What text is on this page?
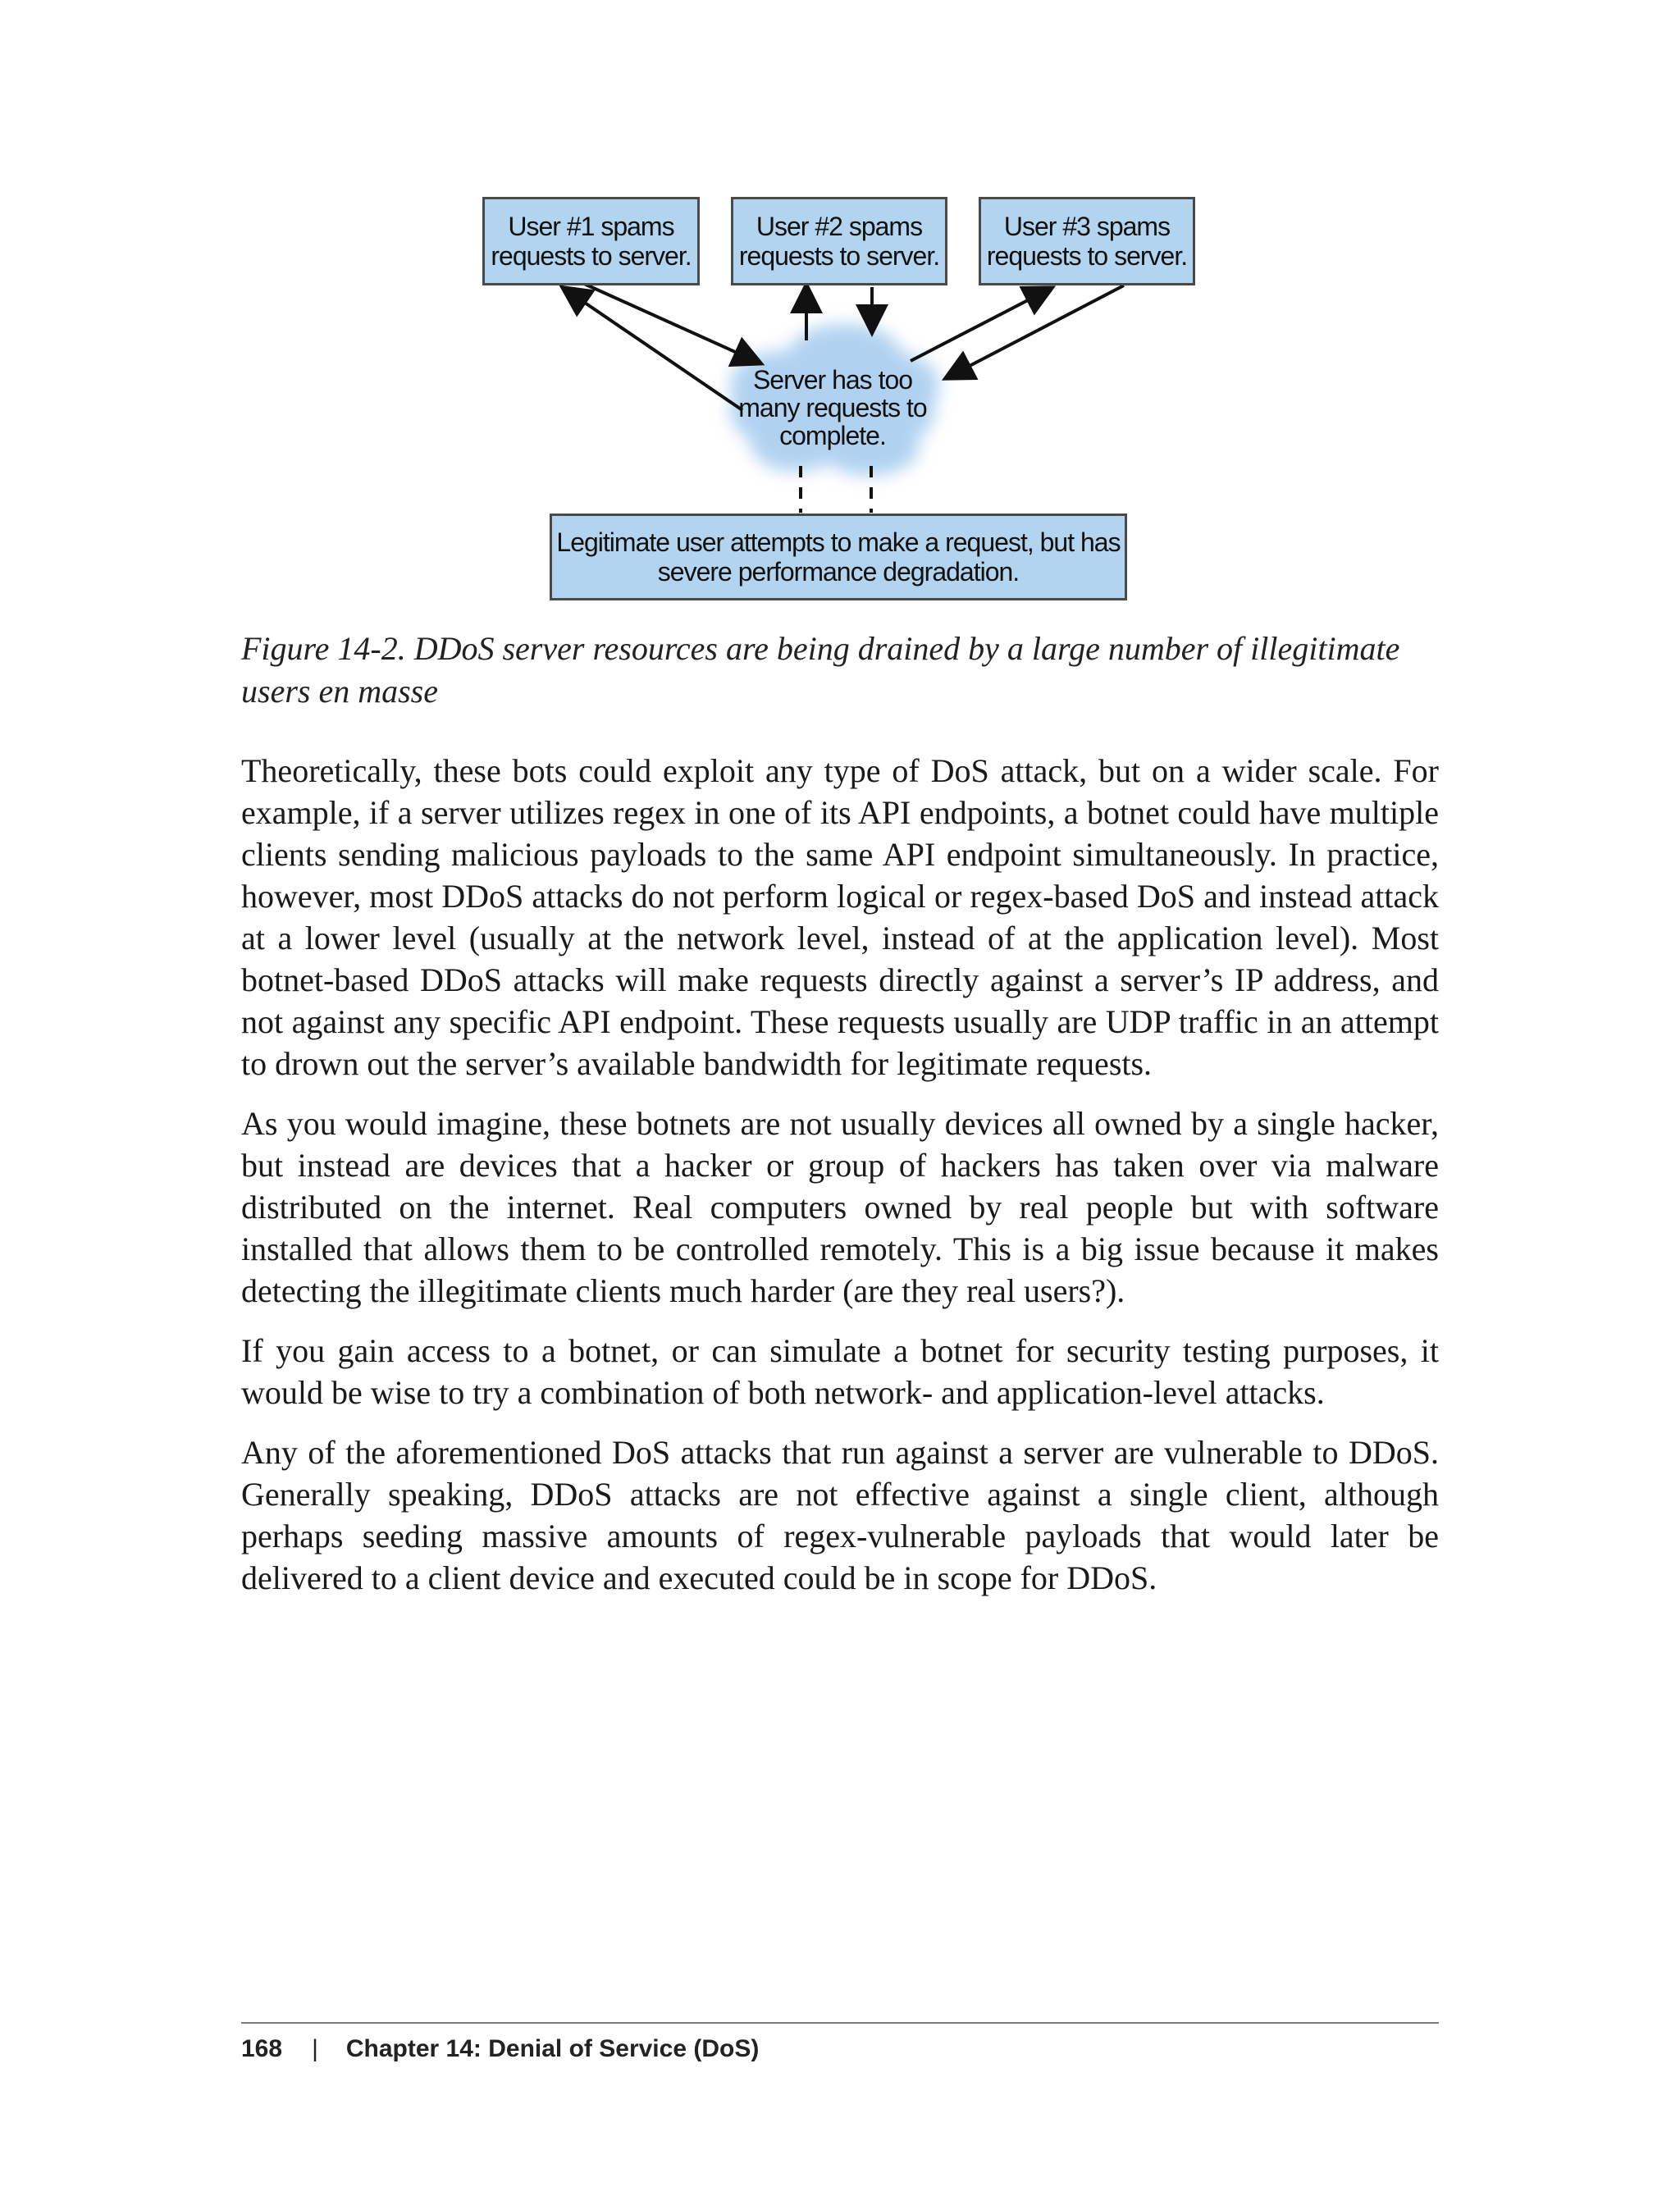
User #1 spams
requests to server.
User #2 spams
requests to server.
User #3 spams
requests to server.
Server has too
many requests to
complete.
Legitimate user attempts to make a request, but has
severe performance degradation.
Figure 14-2. DDoS server resources are being drained by a large number of illegitimate users en masse

Theoretically, these bots could exploit any type of DoS attack, but on a wider scale. For example, if a server utilizes regex in one of its API endpoints, a botnet could have multiple clients sending malicious payloads to the same API endpoint simultaneously. In practice, however, most DDoS attacks do not perform logical or regex-based DoS and instead attack at a lower level (usually at the network level, instead of at the application level). Most botnet-based DDoS attacks will make requests directly against a server’s IP address, and not against any specific API endpoint. These requests usually are UDP traffic in an attempt to drown out the server’s available bandwidth for legitimate requests.

As you would imagine, these botnets are not usually devices all owned by a single hacker, but instead are devices that a hacker or group of hackers has taken over via malware distributed on the internet. Real computers owned by real people but with software installed that allows them to be controlled remotely. This is a big issue because it makes detecting the illegitimate clients much harder (are they real users?).

If you gain access to a botnet, or can simulate a botnet for security testing purposes, it would be wise to try a combination of both network- and application-level attacks.

Any of the aforementioned DoS attacks that run against a server are vulnerable to DDoS. Generally speaking, DDoS attacks are not effective against a single client, although perhaps seeding massive amounts of regex-vulnerable payloads that would later be delivered to a client device and executed could be in scope for DDoS.

168 | Chapter 14: Denial of Service (DoS)
